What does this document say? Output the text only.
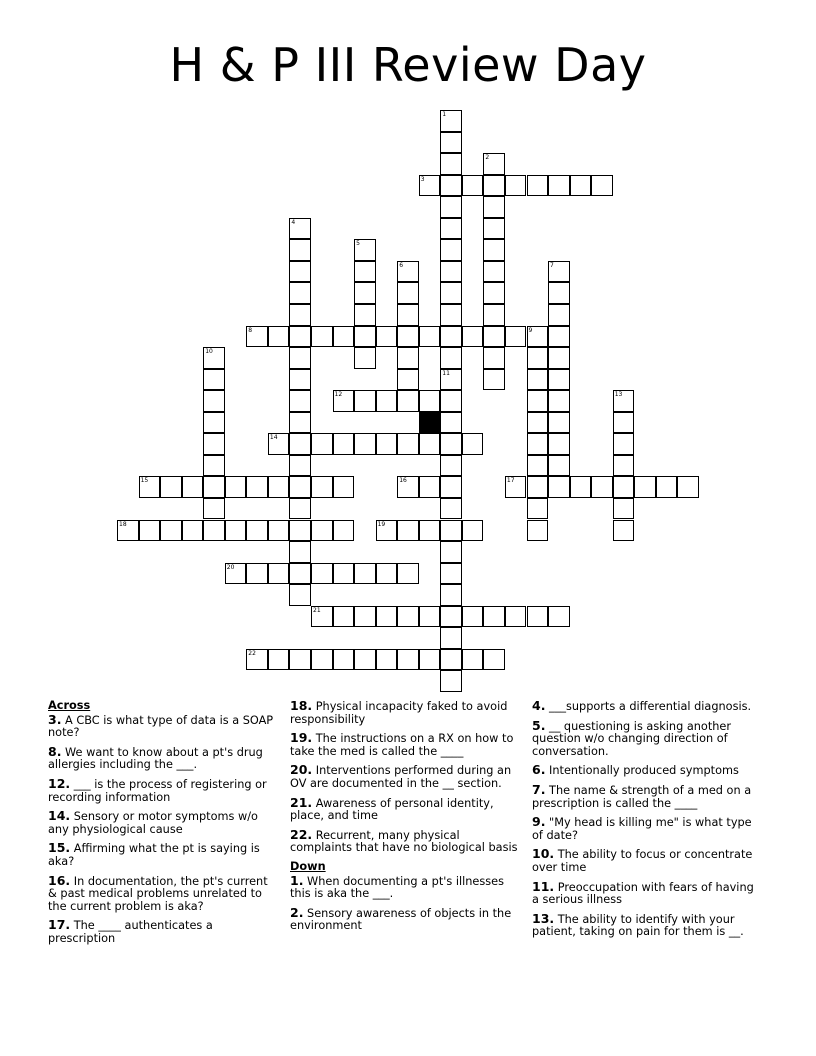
H & P III Review Day
1
11
2
3
4
5
6	7
8	9
10
12	13
14
15	16	17
18	19
20
21
22
Across
3. A CBC is what type of data is a SOAP note?
8. We want to know about a pt's drug allergies including the ___.
12. ___ is the process of registering or recording information
14. Sensory or motor symptoms w/o any physiological cause
15. Affirming what the pt is saying is aka?
16. In documentation, the pt's current & past medical problems unrelated to the current problem is aka?
17. The ____ authenticates a prescription
18. Physical incapacity faked to avoid responsibility
19. The instructions on a RX on how to take the med is called the ____
20. Interventions performed during an OV are documented in the __ section.
21. Awareness of personal identity, place, and time
22. Recurrent, many physical complaints that have no biological basis
Down
1. When documenting a pt's illnesses this is aka the ___.
2. Sensory awareness of objects in the environment
4. ___supports a differential diagnosis.
5. __ questioning is asking another question w/o changing direction of conversation.
6. Intentionally produced symptoms
7. The name & strength of a med on a prescription is called the ____
9. "My head is killing me" is what type of date?
10. The ability to focus or concentrate over time
11. Preoccupation with fears of having a serious illness
13. The ability to identify with your patient, taking on pain for them is __.
